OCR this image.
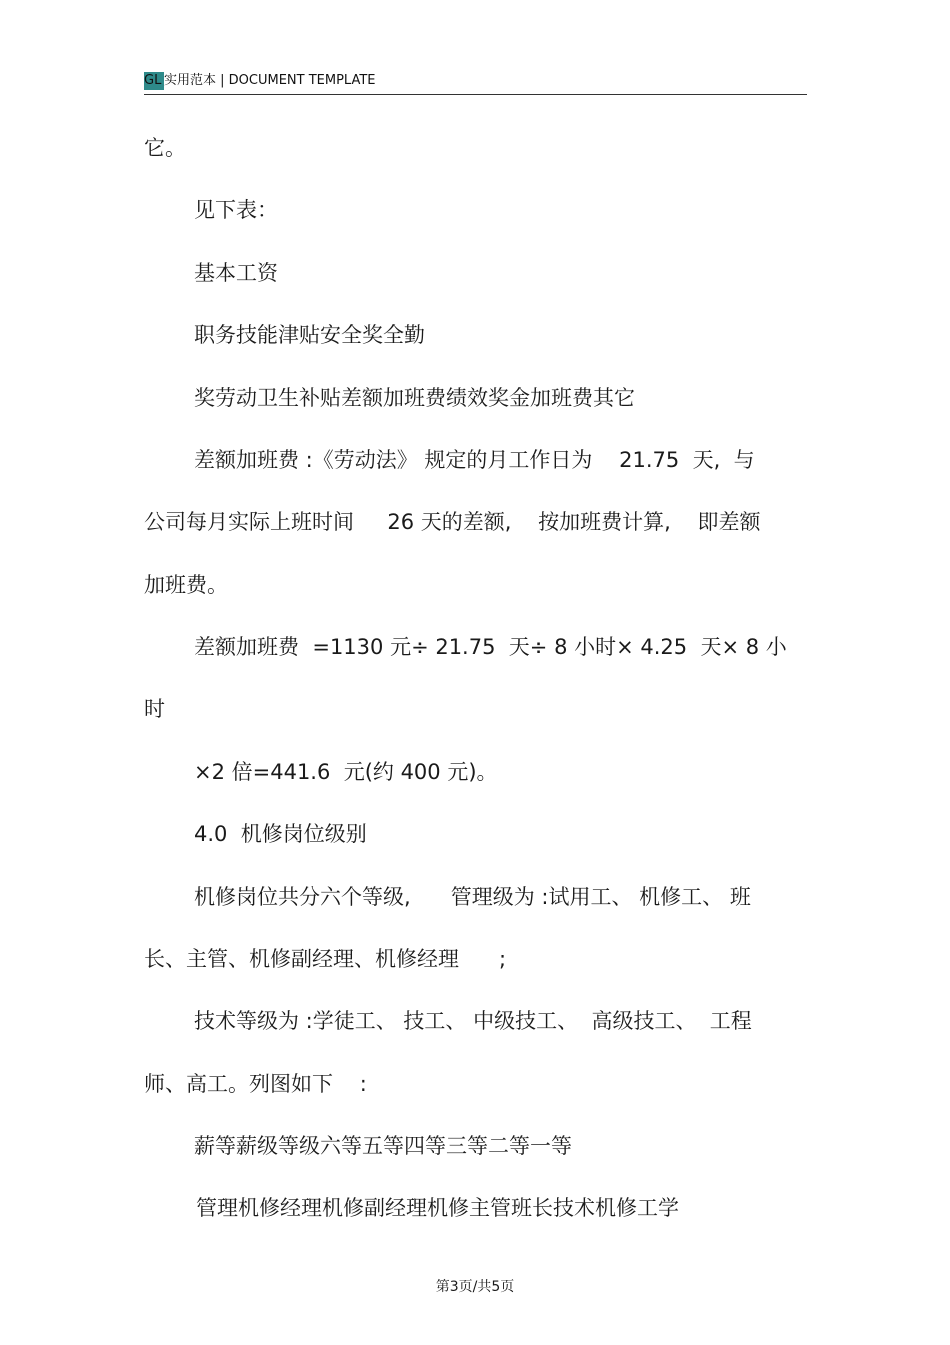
GL 实用范本 | DOCUMENT TEMPLATE
它。
见下表：
基本工资
职务技能津贴安全奖全勤
奖劳动卫生补贴差额加班费绩效奖金加班费其它
差额加班费 :《劳动法》 规定的月工作日为    21.75  天,  与
公司每月实际上班时间     26 天的差额,    按加班费计算,    即差额
加班费。
差额加班费  =1130 元÷ 21.75  天÷ 8 小时× 4.25  天× 8 小
时
×2 倍=441.6  元(约 400 元)。
4.0  机修岗位级别
机修岗位共分六个等级,      管理级为 :试用工、 机修工、 班
长、主管、机修副经理、机修经理      ;
技术等级为 :学徒工、 技工、 中级技工、  高级技工、  工程
师、高工。列图如下    :
薪等薪级等级六等五等四等三等二等一等
管理机修经理机修副经理机修主管班长技术机修工学
第3页/共5页
